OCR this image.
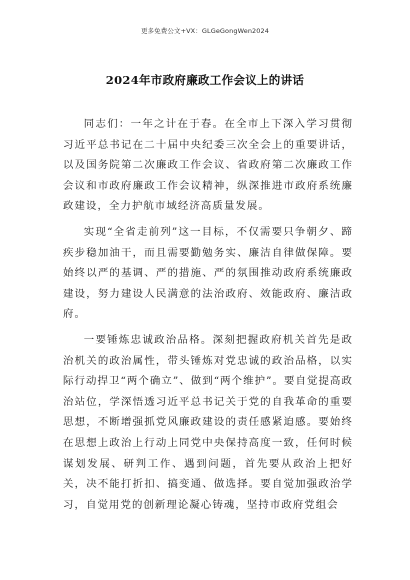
更多免费公文+VX：GLGeGongWen2024
2024年市政府廉政工作会议上的讲话

同志们：一年之计在于春。在全市上下深入学习贯彻习近平总书记在二十届中央纪委三次全会上的重要讲话，以及国务院第二次廉政工作会议、省政府第二次廉政工作会议和市政府廉政工作会议精神，纵深推进市政府系统廉政建设，全力护航市域经济高质量发展。

实现“全省走前列”这一目标，不仅需要只争朝夕、蹄疾步稳加油干，而且需要勤勉务实、廉洁自律做保障。要始终以严的基调、严的措施、严的氛围推动政府系统廉政建设，努力建设人民满意的法治政府、效能政府、廉洁政府。

一要锤炼忠诚政治品格。深刻把握政府机关首先是政治机关的政治属性，带头锤炼对党忠诚的政治品格，以实际行动捍卫“两个确立”、做到“两个维护”。要自觉提高政治站位，学深悟透习近平总书记关于党的自我革命的重要思想，不断增强抓党风廉政建设的责任感紧迫感。要始终在思想上政治上行动上同党中央保持高度一致，任何时候谋划发展、研判工作、遇到问题，首先要从政治上把好关，决不能打折扣、搞变通、做选择。要自觉加强政治学习，自觉用党的创新理论凝心铸魂，坚持市政府党组会
